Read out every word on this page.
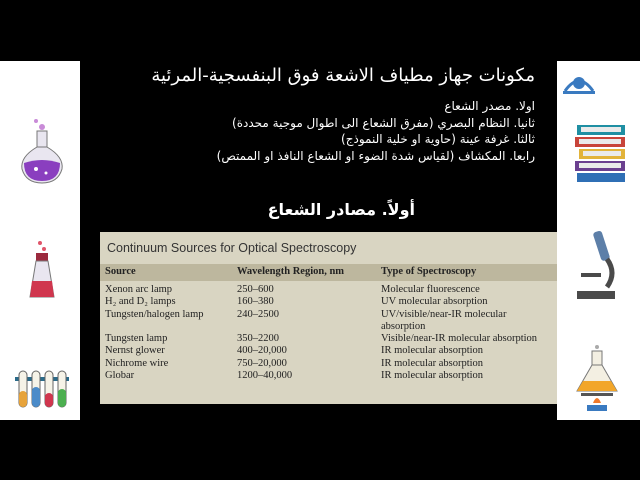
مكونات جهاز مطياف الاشعة فوق البنفسجية-المرئية
اولا. مصدر الشعاع
ثانيا. النظام البصري (مفرق الشعاع الى اطوال موجية محددة)
ثالثا. غرفة عينة (حاوية او خلية النموذج)
رابعا. المكشاف (لقياس شدة الضوء او الشعاع النافذ او الممتص)
أولاً. مصادر الشعاع
Continuum Sources for Optical Spectroscopy
Source	Wavelength Region, nm	Type of Spectroscopy
Xenon arc lamp	250–600	Molecular fluorescence
H₂ and D₂ lamps	160–380	UV molecular absorption
Tungsten/halogen lamp	240–2500	UV/visible/near-IR molecular absorption
Tungsten lamp	350–2200	Visible/near-IR molecular absorption
Nernst glower	400–20,000	IR molecular absorption
Nichrome wire	750–20,000	IR molecular absorption
Globar	1200–40,000	IR molecular absorption
